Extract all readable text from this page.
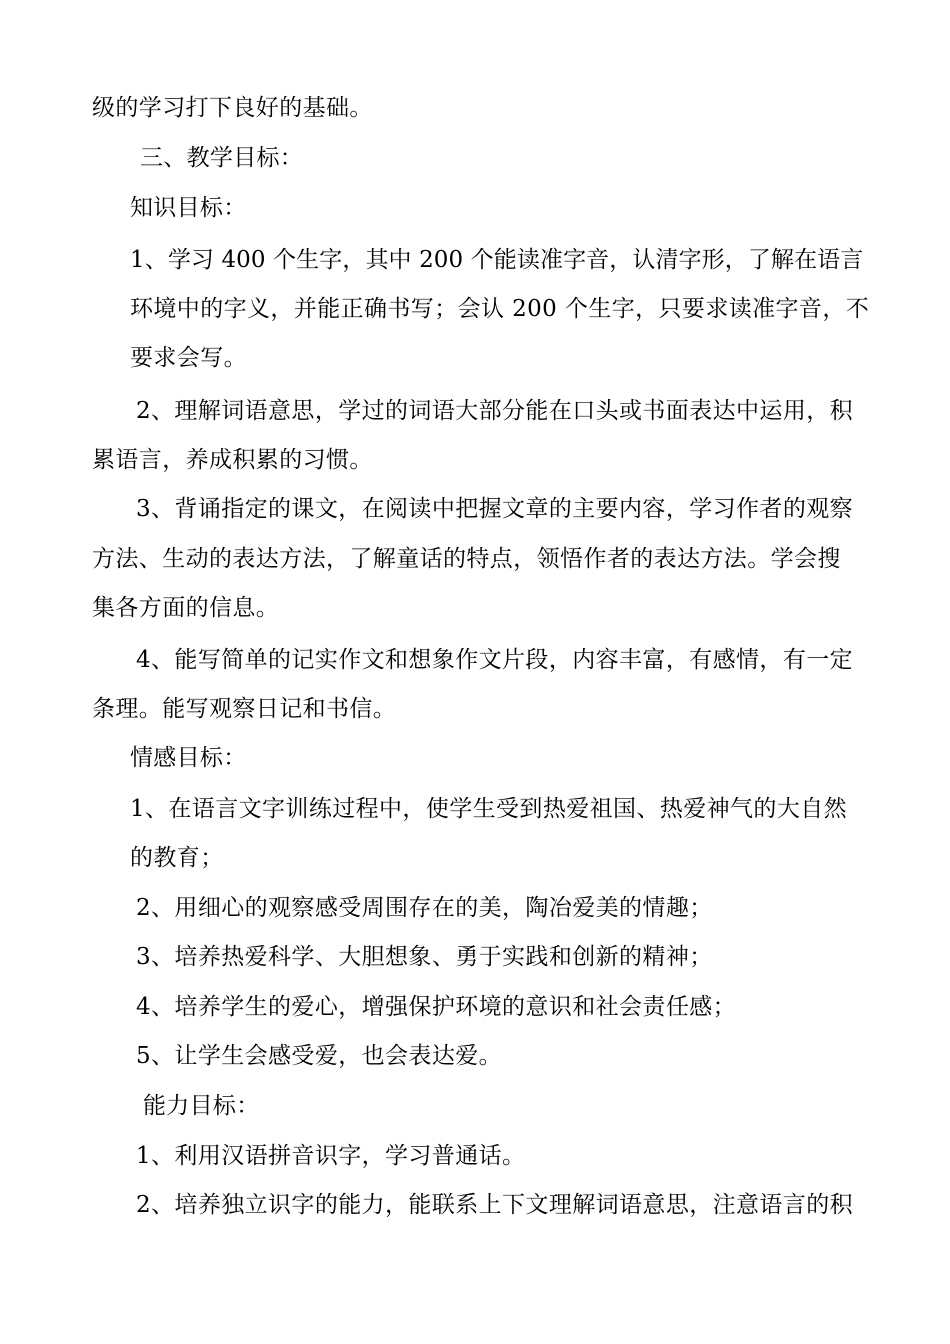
级的学习打下良好的基础。
三、教学目标：
知识目标：
1、学习 400 个生字，其中 200 个能读准字音，认清字形，了解在语言
环境中的字义，并能正确书写；会认 200 个生字，只要求读准字音，不
要求会写。
2、理解词语意思，学过的词语大部分能在口头或书面表达中运用，积
累语言，养成积累的习惯。
3、背诵指定的课文，在阅读中把握文章的主要内容，学习作者的观察
方法、生动的表达方法，了解童话的特点，领悟作者的表达方法。学会搜
集各方面的信息。
4、能写简单的记实作文和想象作文片段，内容丰富，有感情，有一定
条理。能写观察日记和书信。
情感目标：
1、在语言文字训练过程中，使学生受到热爱祖国、热爱神气的大自然
的教育；
2、用细心的观察感受周围存在的美，陶冶爱美的情趣；
3、培养热爱科学、大胆想象、勇于实践和创新的精神；
4、培养学生的爱心，增强保护环境的意识和社会责任感；
5、让学生会感受爱，也会表达爱。
能力目标：
1、利用汉语拼音识字，学习普通话。
2、培养独立识字的能力，能联系上下文理解词语意思，注意语言的积
